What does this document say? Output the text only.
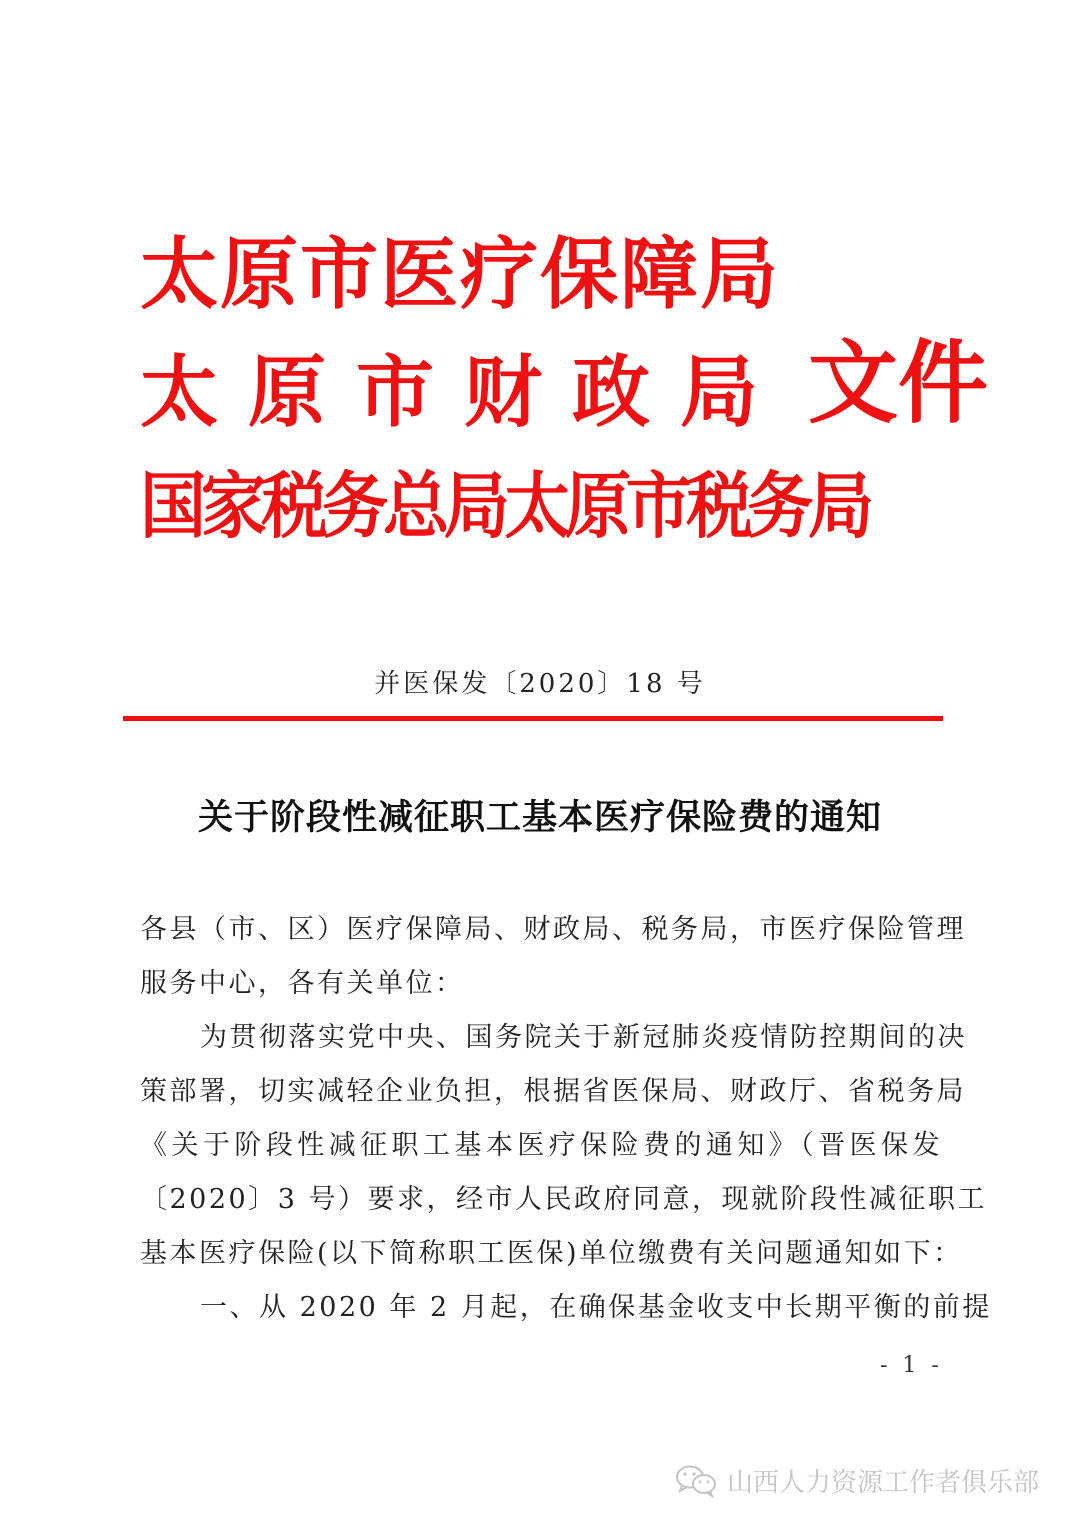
太原市医疗保障局
太原市财政局 文件
国家税务总局太原市税务局
并医保发〔2020〕18 号
关于阶段性减征职工基本医疗保险费的通知
各县（市、区）医疗保障局、财政局、税务局，市医疗保险管理
服务中心，各有关单位：
为贯彻落实党中央、国务院关于新冠肺炎疫情防控期间的决
策部署，切实减轻企业负担，根据省医保局、财政厅、省税务局
《关于阶段性减征职工基本医疗保险费的通知》（晋医保发
〔2020〕3 号）要求，经市人民政府同意，现就阶段性减征职工
基本医疗保险(以下简称职工医保)单位缴费有关问题通知如下：
一、从 2020 年 2 月起，在确保基金收支中长期平衡的前提
- 1 -
山西人力资源工作者俱乐部
